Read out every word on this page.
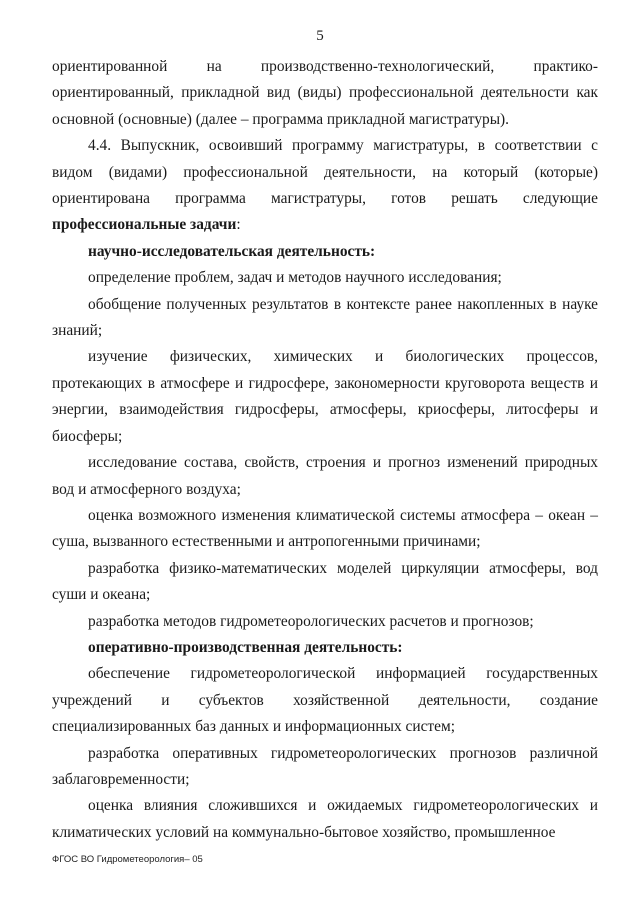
5

ориентированной на производственно-технологический, практико-ориентированный, прикладной вид (виды) профессиональной деятельности как основной (основные) (далее – программа прикладной магистратуры).

4.4. Выпускник, освоивший программу магистратуры, в соответствии с видом (видами) профессиональной деятельности, на который (которые) ориентирована программа магистратуры, готов решать следующие профессиональные задачи:

научно-исследовательская деятельность:

определение проблем, задач и методов научного исследования;

обобщение полученных результатов в контексте ранее накопленных в науке знаний;

изучение физических, химических и биологических процессов, протекающих в атмосфере и гидросфере, закономерности круговорота веществ и энергии, взаимодействия гидросферы, атмосферы, криосферы, литосферы и биосферы;

исследование состава, свойств, строения и прогноз изменений природных вод и атмосферного воздуха;

оценка возможного изменения климатической системы атмосфера – океан – суша, вызванного естественными и антропогенными причинами;

разработка физико-математических моделей циркуляции атмосферы, вод суши и океана;

разработка методов гидрометеорологических расчетов и прогнозов;

оперативно-производственная деятельность:

обеспечение гидрометеорологической информацией государственных учреждений и субъектов хозяйственной деятельности, создание специализированных баз данных и информационных систем;

разработка оперативных гидрометеорологических прогнозов различной заблаговременности;

оценка влияния сложившихся и ожидаемых гидрометеорологических и климатических условий на коммунально-бытовое хозяйство, промышленное

ФГОС ВО Гидрометеорология– 05
